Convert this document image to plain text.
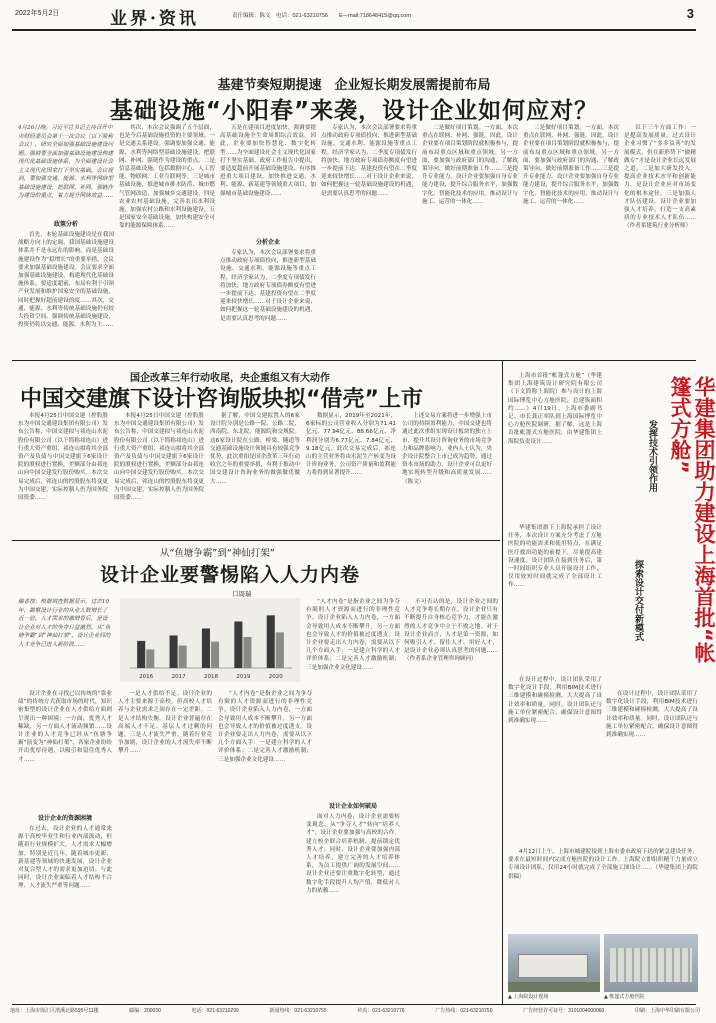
2022年5月2日	业界·资讯	责任编辑：陈文　电话：021-63210756　　E—mail:718648415@qq.com	3
基建节奏短期提速　企业短长期发展需提前布局
基础设施“小阳春”来袭，设计企业如何应对？
4月26日晚，习近平总书记主持召开中央财经委员会第十一次会议（以下简称会议），研究全面加强基础设施建设问题。强调要全面加强基础设施建设构建现代化基础设施体系，为全面建设社会主义现代化国家打下坚实基础。会议提到，要加强交通、能源、水利等网络型基础设施建设，把联网、补网、强链作为建设的重点，着力提升网络效益……
政策分析
首先，本轮基础设施建设是在我国战略方向上的定调。我国基础设施建设体系并不是永远在的影响，而是基础设施建设作为“稳增长”的重要举措，会议要求加强基础设施建设。会议要求全面加强基础设施建设，构建现代化基础设施体系，要适度超前，布局有利于引领产业发展和维护国家安全的基础设施，同时把握好超前建设的度……其次，交通、能源、水利等传统基础设施仍有较大投资空间。强调传统基础设施建设，投资仍将以交通、能源、水利为主……
其次，本次会议强调了五个层面，也是今后基础设施投资的主要领域。一是交通关系建设。强调要加强交通、能源、水利等网络型基础设施建设，把联网、补网、强链作为建设的重点。二是信息基础设施，包括数据中心、人工智能、物联网、工业互联网等。三是城市基础设施，推进城市排水防涝、城市燃气管网改造，加强城乡交通建设。四是农业农村基础设施，完善农田水利设施，加强农村公路和水利设施建设。五是国家安全基础设施，加快构建安全可靠的能源保障体系……
五是在建项目进度加快。强调要提高基础设施全生命周期综合效益。因此，企业要加快智慧化、数字化转型……为全面建设社会主义现代化国家打下坚实基础。政府工作报告中提出，要适度超前开展基础设施建设。有序推进重大项目建设，加快推进交通、水利、能源、新基建等领域重大项目，加强城市基础设施建设……
分析企业
专家认为，本次会议部署要求将重点推动政府专项债投向，推进新型基础设施、交通水利、能源设施等重点工程。经济学家认为，二季度专项债发行将加快，地方政府专项债券额度有望进一步提前下达。基建投资有望在二季度迎来较快增长……对于设计企业来说，如何把握这一轮基础设施建设的机遇，是需要认真思考的问题……
专家认为，本次会议部署要求将重点推动政府专项债投向，推进新型基础设施、交通水利、能源设施等重点工程。经济学家认为，二季度专项债发行将加快，地方政府专项债券额度有望进一步提前下达。基建投资有望在二季度迎来较快增长……对于设计企业来说，如何把握这一轮基础设施建设的机遇，是需要认真思考的问题……
二是做好项目策划。一方面，本次重点在联网、补网、强链。因此，设计企业要在项目策划阶段就积极参与，提前布局重点区域和重点领域。另一方面，要加强与政府部门的沟通，了解政策导向，做好前期准备工作……三是提升专业能力。设计企业要加强自身专业能力建设，提升综合服务水平，加强数字化、智能化技术的应用，推动设计与施工、运营的一体化……
二是做好项目策划。一方面，本次重点在联网、补网、强链。因此，设计企业要在项目策划阶段就积极参与，提前布局重点区域和重点领域。另一方面，要加强与政府部门的沟通，了解政策导向，做好前期准备工作……三是提升专业能力。设计企业要加强自身专业能力建设，提升综合服务水平，加强数字化、智能化技术的应用，推动设计与施工、运营的一体化……
以下三个方面工作：一是提高发展质量。过去设计企业习惯了“多多益善”的发展模式，但在新形势下“做精做专”才是设计企业长远发展之道。二是加大研发投入。提高企业技术水平和创新能力，是设计企业应对市场变化的根本途径。三是加强人才队伍建设。设计企业要加强人才培养，打造一支高素质的专业技术人才队伍……（作者系建筑行业分析师）
国企改革三年行动收尾，央企重组又有大动作
中国交建旗下设计咨询版块拟“借壳”上市
本报4月25日中国交建（控股股东为中国交通建设集团有限公司）发布公告称，中国交建拟与祁连山水泥股份有限公司（以下简称祁连山）进行重大资产重组，祁连山拟将其全部资产及负债与中国交建旗下6家设计院的股权进行置换，差额部分由祁连山向中国交建发行股份购买。本次交易完成后，祁连山的控股股东将变更为中国交建，实际控制人仍为国务院国资委……
本报4月25日中国交建（控股股东为中国交通建设集团有限公司）发布公告称，中国交建拟与祁连山水泥股份有限公司（以下简称祁连山）进行重大资产重组，祁连山拟将其全部资产及负债与中国交建旗下6家设计院的股权进行置换，差额部分由祁连山向中国交建发行股份购买。本次交易完成后，祁连山的控股股东将变更为中国交建，实际控制人仍为国务院国资委……
据了解，中国交建拟置入的6家设计院分别是公路一院、公路二院、西南院、东北院、能源院和交规院。这6家设计院在公路、桥梁、隧道等交通基础设施设计领域具有较强竞争优势。此次重组是国企改革三年行动收官之年的重要举措，有利于推动中国交建设计咨询业务的做强做优做大……
数据显示，2019年至2021年，6家标的公司营业收入分别为71.41亿元、77.94亿元、88.66亿元，净利润分别为6.77亿元、7.84亿元、9.18亿元。此次交易完成后，祁连山的主营业务将由水泥生产转变为设计咨询业务，公司资产质量和盈利能力将得到显著提升……
上述交易方案将进一步增强上市公司的持续盈利能力，中国交建也将通过此次重组实现设计板块的独立上市，提升其设计咨询业务的市场竞争力和品牌影响力。业内人士认为，央企设计院整合上市已成为趋势，通过资本市场的助力，设计企业可以更好地实现转型升级和高质量发展……（陈文）
从“鱼塘争霸”到“神仙打架”
设计企业要警惕陷入人力内卷
口周瑞
编者按：根据调查数据显示，过去10年，勘察设计行业的从业人数增长了近一倍。人才需求的激增背后，是设计企业对人才的争夺日益激烈。从“鱼塘争霸”到“神仙打架”，设计企业间的人才竞争已进入新阶段……
2016	2017	2018	2019	2020
设计企业在寻找已以传统的“靠业绩”的传统方式获取市场的时代，知识密集型的设计企业在人才供给方面则呈现出一种困境：一方面，优秀人才稀缺，另一方面人才流动频繁……设计企业的人才竞争已经从“鱼塘争霸”演变为“神仙打架”，各家企业纷纷开出优厚待遇，以吸引和留住优秀人才……
设计企业的资源困境
在过去，设计企业的人才通常来源于高校毕业生和行业内部流动，但随着行业规模扩大，人才需求大幅增加。特别是近几年，随着城市更新、新基建等领域的快速发展，设计企业对复合型人才的需求更加迫切。与此同时，设计企业面临着人才结构不合理、人才流失严重等问题……
一是人才供给不足。设计企业的人才主要来源于高校，但高校人才培养与企业需求之间存在一定差距。二是人才结构失衡。设计企业普遍存在高端人才不足、基层人才过剩的问题。三是人才流失严重。随着行业竞争加剧，设计企业的人才流失率不断攀升……
“人才内卷”是指企业之间为争夺有限的人才资源而进行的非理性竞争。设计企业陷入人力内卷，一方面会导致用人成本不断攀升，另一方面也会导致人才的价值被过度透支。设计企业要走出人力内卷，需要从以下几个方面入手：一是建立科学的人才评价体系；二是完善人才激励机制；三是加强企业文化建设……
“人才内卷”是指企业之间为争夺有限的人才资源而进行的非理性竞争。设计企业陷入人力内卷，一方面会导致用人成本不断攀升，另一方面也会导致人才的价值被过度透支。设计企业要走出人力内卷，需要从以下几个方面入手：一是建立科学的人才评价体系；二是完善人才激励机制；三是加强企业文化建设……
设计企业如何破局
面对人力内卷，设计企业需要转变观念，从“争夺人才”转向“培养人才”。设计企业要加强与高校的合作，建立校企联合培养机制，提前锁定优秀人才。同时，设计企业要加强内部人才培养，建立完善的人才培养体系，为员工提供广阔的发展空间……设计企业还要注重数字化转型，通过数字化手段提升人均产值，降低对人力的依赖……
不可否认的是，设计企业之间的人才竞争将长期存在。设计企业只有不断提升自身核心竞争力，才能在激烈的人才竞争中立于不败之地。对于设计企业而言，人才是第一资源，如何吸引人才、留住人才、用好人才，是设计企业必须认真思考的问题……（作者系企业管理咨询顾问）
上海市首批“帐篷式方舱”（华建集团上海建筑设计研究院有限公司（下文简称上海院）参与设计的上海国际博览中心方舱医院，总建筑面积约……）4月19日，上海市委副书记、市长龚正率队到上海国际博览中心方舱医院调研。据了解，这是上海首批帐篷式方舱医院，由华建集团上海院负责设计……
华建集团旗下上海院承担了设计任务，本次设计方案充分考虑了方舱医院的功能需求和使用特点，在满足医疗救治功能的前提下，尽量提高建设速度。设计团队在接到任务后，第一时间组织专业人员开展设计工作，仅用较短时间就完成了全部设计工作……
在设计过程中，设计团队采用了数字化设计手段，利用BIM技术进行三维建模和碰撞检测，大大提高了设计效率和质量。同时，设计团队还与施工单位紧密配合，确保设计意图得到准确实现……
华建集团助力建设上海首批“帐篷式方舱”
发挥技术引领作用
探索设计交付新模式
在设计过程中，设计团队采用了数字化设计手段，利用BIM技术进行三维建模和碰撞检测，大大提高了设计效率和质量。同时，设计团队还与施工单位紧密配合，确保设计意图得到准确实现……
4月12日上午，上海市城建院接到上海市委市政府下达的紧急建设任务，要求在最短时间内完成方舱医院的设计工作。上海院立即组织精干力量成立专项设计团队，仅用24小时就完成了全部施工图设计……（华建集团上海院供稿）
▲ 上海院设计现场	▲ 帐篷式方舱医院
地址：上海市徐汇区漕溪北路595号11楼	邮编：200030	电话：021-63210299	新闻热线：021-63210755	传真：021-63210776	广告热线：021-63210750	广告经营许可证号：3101004000060	印刷：上海中华印刷有限公司
